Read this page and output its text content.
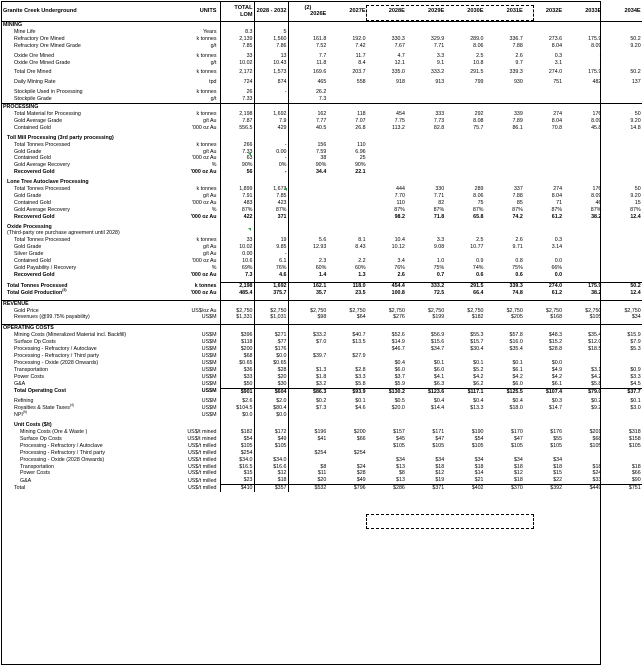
Granite Creek Underground	UNITS	TOTAL LOM	2028 - 2032	(2)
2026E	2027E	2028E	2029E	2030E	2031E	2032E	2033E	2034E
MINING												
Mine Life	Years	8.3	5									
Refractory Ore Mined	k tonnes	2,139	1,560	161.8	192.0	330.3	329.9	289.0	336.7	273.6	175.9	50.2
Refractory Ore Mined Grade	g/t	7.85	7.86	7.52	7.42	7.67	7.71	8.06	7.88	8.04	8.09	9.20

Oxide Ore Mined	k tonnes	33	13	7.7	11.7	4.7	3.3	2.5	2.6	0.3	-	
Oxide Ore Mined Grade	g/t	10.02	10.43	11.8	8.4	12.1	9.1	10.8	9.7	3.1	-	

Total Ore Mined	k tonnes	2,172	1,573	169.6	203.7	335.0	333.2	291.5	339.3	274.0	175.9	50.2

Daily Mining Rate	tpd	724	874	465	558	918	913	799	930	751	482	137

Stockpile Used in Processing	k tonnes	26	-	26.2								
Stockpile Grade	g/t	7.33		7.3								
PROCESSING												
Total Material for Processing	k tonnes	2,198	1,692	162	118	454	333	292	339	274	176	50
Gold Average Grade	g/t Au	7.87	7.9	7.77	7.07	7.75	7.73	8.08	7.89	8.04	8.09	9.20
Contained Gold	'000 oz Au	556.5	429	40.5	26.8	113.2	82.8	75.7	86.1	70.8	45.8	14.8

Toll Mill Processing (3rd party processing)												
Total Tonnes Processed	k tonnes	266	-	156	110							
Gold Grade	g/t Au	7.33	0.00	7.59	6.96							
Contained Gold	'000 oz Au	63	-	38	25							
Gold Average Recovery	%	90%	0%	90%	90%							
Recovered Gold	'000 oz Au	56	-	34.4	22.1							

Lone Tree Autoclave Processing												
Total Tonnes Processed	k tonnes	1,899	1,673			444	330	289	337	274	176	50
Gold Grade	g/t Au	7.91	7.85			7.70	7.71	8.06	7.88	8.04	8.09	9.20
Contained Gold	'000 oz Au	483	423			110	82	75	85	71	46	15
Gold Average Recovery	%	87%	87%			87%	87%	87%	87%	87%	87%	87%
Recovered Gold	'000 oz Au	422	371			98.2	71.8	65.8	74.2	61.2	38.2	12.4

Oxide Processing												
(Third-party ore purchase agreement until 2028)												
Total Tonnes Processed	k tonnes	33	19	5.6	8.1	10.4	3.3	2.5	2.6	0.3		
Gold Grade	g/t Au	10.02	9.85	12.93	8.43	10.12	9.08	10.77	9.71	3.14		
Silver Grade	g/t Au	0.00	-									
Contained Gold	'000 oz Au	10.6	6.1	2.3	2.2	3.4	1.0	0.9	0.8	0.0		
Gold Payability / Recovery	%	69%	76%	60%	60%	76%	75%	74%	75%	66%		
Recovered Gold	'000 oz Au	7.3	4.6	1.4	1.3	2.6	0.7	0.6	0.6	0.0		

Total Tonnes Processed	k tonnes	2,198	1,692	162.1	118.0	454.4	333.2	291.5	339.3	274.0	175.9	50.2
Total Gold Production$^{(3)}$	'000 oz Au	485.4	375.7	35.7	23.5	100.8	72.5	66.4	74.8	61.2	38.2	12.4

REVENUE												
Gold Price	US$/oz Au	$2,750	$2,750	$2,750	$2,750	$2,750	$2,750	$2,750	$2,750	$2,750	$2,750	$2,750
Revenues (@99.75% payability)	US$M	$1,331	$1,031	$98	$64	$276	$199	$182	$205	$168	$105	$34

OPERATING COSTS												
Mining Costs (Mineralized Material incl. Backfill)	US$M	$396	$271	$33.2	$40.7	$52.6	$56.9	$55.3	$57.8	$48.3	$35.4	$15.9
Surface Op Costs	US$M	$118	$77	$7.0	$13.5	$14.9	$15.6	$15.7	$16.0	$15.2	$12.0	$7.9
Processing - Refractory / Autoclave	US$M	$200	$176			$46.7	$34.7	$30.4	$35.4	$28.8	$18.5	$5.3
Processing - Refractory / Third party	US$M	$68	$0.0	$39.7	$27.9							
Processing - Oxide (2028 Onwards)	US$M	$0.65	$0.65			$0.4	$0.1	$0.1	$0.1	$0.0		
Transportation	US$M	$36	$28	$1.3	$2.8	$6.0	$6.0	$5.2	$6.1	$4.9	$3.1	$0.9
Power Costs	US$M	$33	$20	$1.8	$3.3	$3.7	$4.1	$4.2	$4.2	$4.2	$4.2	$3.3
G&A	US$M	$50	$30	$3.2	$5.8	$5.9	$6.3	$6.2	$6.0	$6.1	$5.8	$4.5
Total Operating Cost	US$M	$901	$604	$86.3	$93.9	$130.2	$123.6	$117.1	$125.5	$107.4	$79.0	$37.7

Refining	US$M	$2.6	$2.0	$0.2	$0.1	$0.5	$0.4	$0.4	$0.4	$0.3	$0.2	$0.1
Royalties & State Taxes$^{(4)}$	US$M	$104.5	$80.4	$7.3	$4.6	$20.0	$14.4	$13.3	$18.0	$14.7	$9.2	$3.0
NPI$^{(5)}$	US$M	$0.0	$0.0									

Unit Costs ($/t)												
Mining Costs (Ore & Waste )	US$/t mined	$182	$172	$196	$200	$157	$171	$190	$170	$176	$201	$318
Surface Op Costs	US$/t mined	$54	$49	$41	$66	$45	$47	$54	$47	$55	$68	$158
Processing - Refractory / Autoclave	US$/t milled	$105	$105			$105	$105	$105	$105	$105	$105	$105
Processing - Refractory / Third party	US$/t milled	$254		$254	$254							
Processing - Oxide (2028 Onwards)	US$/t milled	$34.0	$34.0			$34	$34	$34	$34	$34		
Transportation	US$/t milled	$16.5	$16.6	$8	$24	$13	$18	$18	$18	$18	$18	$18
Power Costs	US$/t milled	$15	$12	$11	$28	$8	$12	$14	$12	$15	$24	$66
G&A	US$/t milled	$23	$18	$20	$49	$13	$19	$21	$18	$22	$33	$90
Total	US$/t milled	$410	$357	$532	$796	$286	$371	$402	$370	$392	$449	$751
